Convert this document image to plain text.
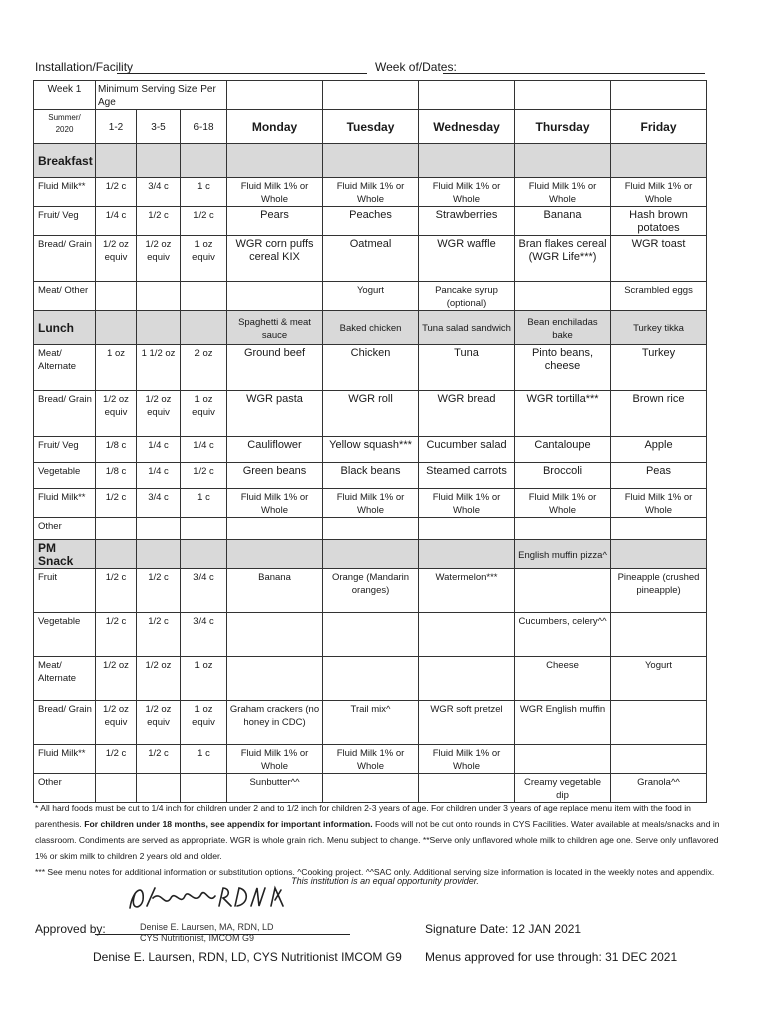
Installation/Facility	Week of/Dates:
Week 1	Minimum Serving Size Per Age							
Summer/
2020	1-2	3-5	6-18	Monday	Tuesday	Wednesday	Thursday	Friday
Breakfast								
Fluid Milk**	1/2 c	3/4 c	1 c	Fluid Milk 1% or Whole	Fluid Milk 1% or Whole	Fluid Milk 1% or Whole	Fluid Milk 1% or Whole	Fluid Milk 1% or Whole
Fruit/ Veg	1/4 c	1/2 c	1/2 c	Pears	Peaches	Strawberries	Banana	Hash brown potatoes
Bread/ Grain	1/2 oz equiv	1/2 oz equiv	1 oz equiv	WGR corn puffs cereal KIX	Oatmeal	WGR waffle	Bran flakes cereal (WGR Life***)	WGR toast
Meat/ Other					Yogurt	Pancake syrup (optional)		Scrambled eggs
Lunch				Spaghetti & meat sauce	Baked chicken	Tuna salad sandwich	Bean enchiladas bake	Turkey tikka
Meat/ Alternate	1 oz	1 1/2 oz	2 oz	Ground beef	Chicken	Tuna	Pinto beans, cheese	Turkey
Bread/ Grain	1/2 oz equiv	1/2 oz equiv	1 oz equiv	WGR pasta	WGR roll	WGR bread	WGR tortilla***	Brown rice
Fruit/ Veg	1/8 c	1/4 c	1/4 c	Cauliflower	Yellow squash***	Cucumber salad	Cantaloupe	Apple
Vegetable	1/8 c	1/4 c	1/2 c	Green beans	Black beans	Steamed carrots	Broccoli	Peas
Fluid Milk**	1/2 c	3/4 c	1 c	Fluid Milk 1% or Whole	Fluid Milk 1% or Whole	Fluid Milk 1% or Whole	Fluid Milk 1% or Whole	Fluid Milk 1% or Whole
Other								
PM Snack							English muffin pizza^	
Fruit	1/2 c	1/2 c	3/4 c	Banana	Orange (Mandarin oranges)	Watermelon***		Pineapple (crushed pineapple)
Vegetable	1/2 c	1/2 c	3/4 c				Cucumbers, celery^^	
Meat/ Alternate	1/2 oz	1/2 oz	1 oz				Cheese	Yogurt
Bread/ Grain	1/2 oz equiv	1/2 oz equiv	1 oz equiv	Graham crackers (no honey in CDC)	Trail mix^	WGR soft pretzel	WGR English muffin	
Fluid Milk**	1/2 c	1/2 c	1 c	Fluid Milk 1% or Whole	Fluid Milk 1% or Whole	Fluid Milk 1% or Whole		
Other				Sunbutter^^			Creamy vegetable dip	Granola^^
* All hard foods must be cut to 1/4 inch for children under 2 and to 1/2 inch for children 2-3 years of age. For children under 3 years of age replace menu item with the food in parenthesis. For children under 18 months, see appendix for important information. Foods will not be cut onto rounds in CYS Facilities. Water available at meals/snacks and in classroom. Condiments are served as appropriate. WGR is whole grain rich. Menu subject to change. **Serve only unflavored whole milk to children age one. Serve only unflavored 1% or skim milk to children 2 years old and older.
*** See menu notes for additional information or substitution options. ^Cooking project. ^^SAC only. Additional serving size information is located in the weekly notes and appendix.
This institution is an equal opportunity provider.
Approved by:	Denise E. Laursen, MA, RDN, LD
CYS Nutritionist, IMCOM G9
Denise E. Laursen, RDN, LD, CYS Nutritionist IMCOM G9
Signature Date: 12 JAN 2021
Menus approved for use through: 31 DEC 2021
